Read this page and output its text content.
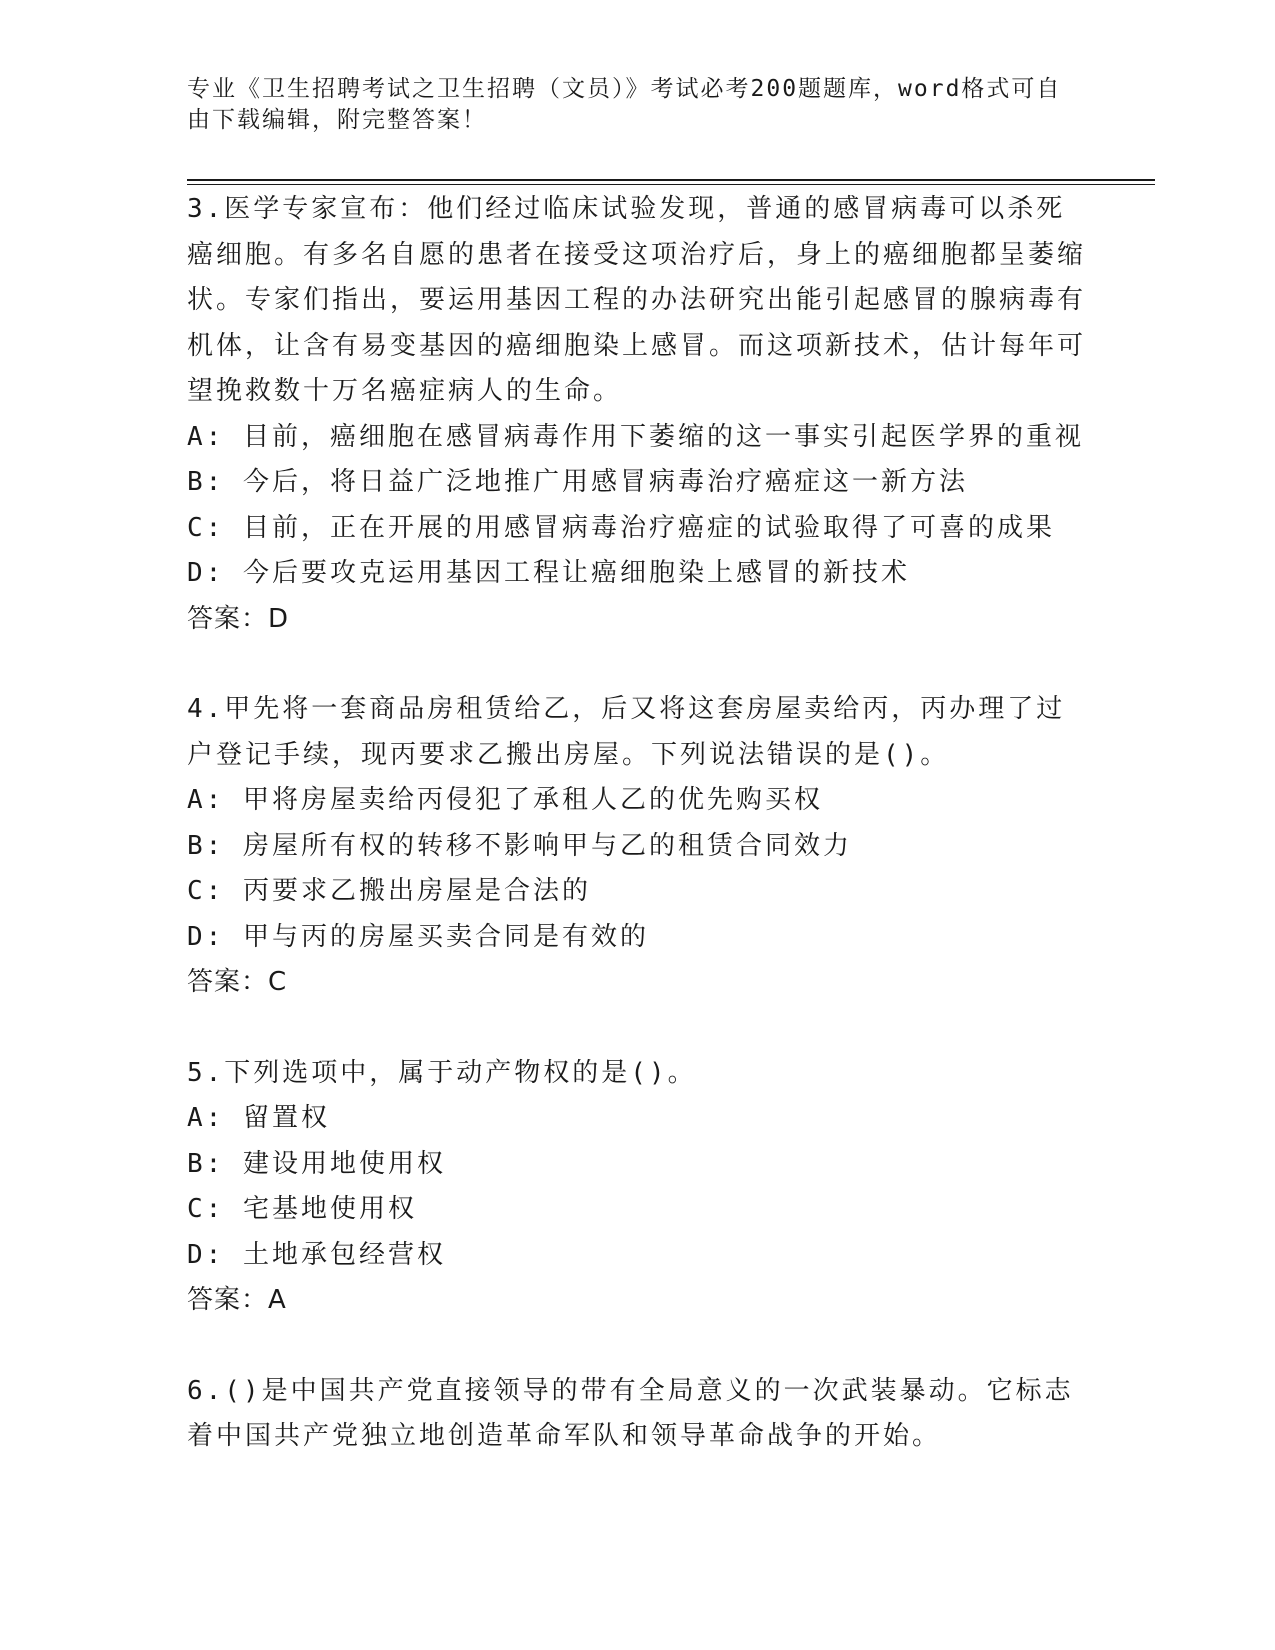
专业《卫生招聘考试之卫生招聘（文员）》考试必考200题题库，word格式可自由下载编辑，附完整答案！

3.医学专家宣布：他们经过临床试验发现，普通的感冒病毒可以杀死癌细胞。有多名自愿的患者在接受这项治疗后，身上的癌细胞都呈萎缩状。专家们指出，要运用基因工程的办法研究出能引起感冒的腺病毒有机体，让含有易变基因的癌细胞染上感冒。而这项新技术，估计每年可望挽救数十万名癌症病人的生命。

A: 目前，癌细胞在感冒病毒作用下萎缩的这一事实引起医学界的重视

B: 今后，将日益广泛地推广用感冒病毒治疗癌症这一新方法

C: 目前，正在开展的用感冒病毒治疗癌症的试验取得了可喜的成果

D: 今后要攻克运用基因工程让癌细胞染上感冒的新技术

答案：D

4.甲先将一套商品房租赁给乙，后又将这套房屋卖给丙，丙办理了过户登记手续，现丙要求乙搬出房屋。下列说法错误的是()。

A: 甲将房屋卖给丙侵犯了承租人乙的优先购买权

B: 房屋所有权的转移不影响甲与乙的租赁合同效力

C: 丙要求乙搬出房屋是合法的

D: 甲与丙的房屋买卖合同是有效的

答案：C

5.下列选项中，属于动产物权的是()。

A: 留置权

B: 建设用地使用权

C: 宅基地使用权

D: 土地承包经营权

答案：A

6.()是中国共产党直接领导的带有全局意义的一次武装暴动。它标志着中国共产党独立地创造革命军队和领导革命战争的开始。
